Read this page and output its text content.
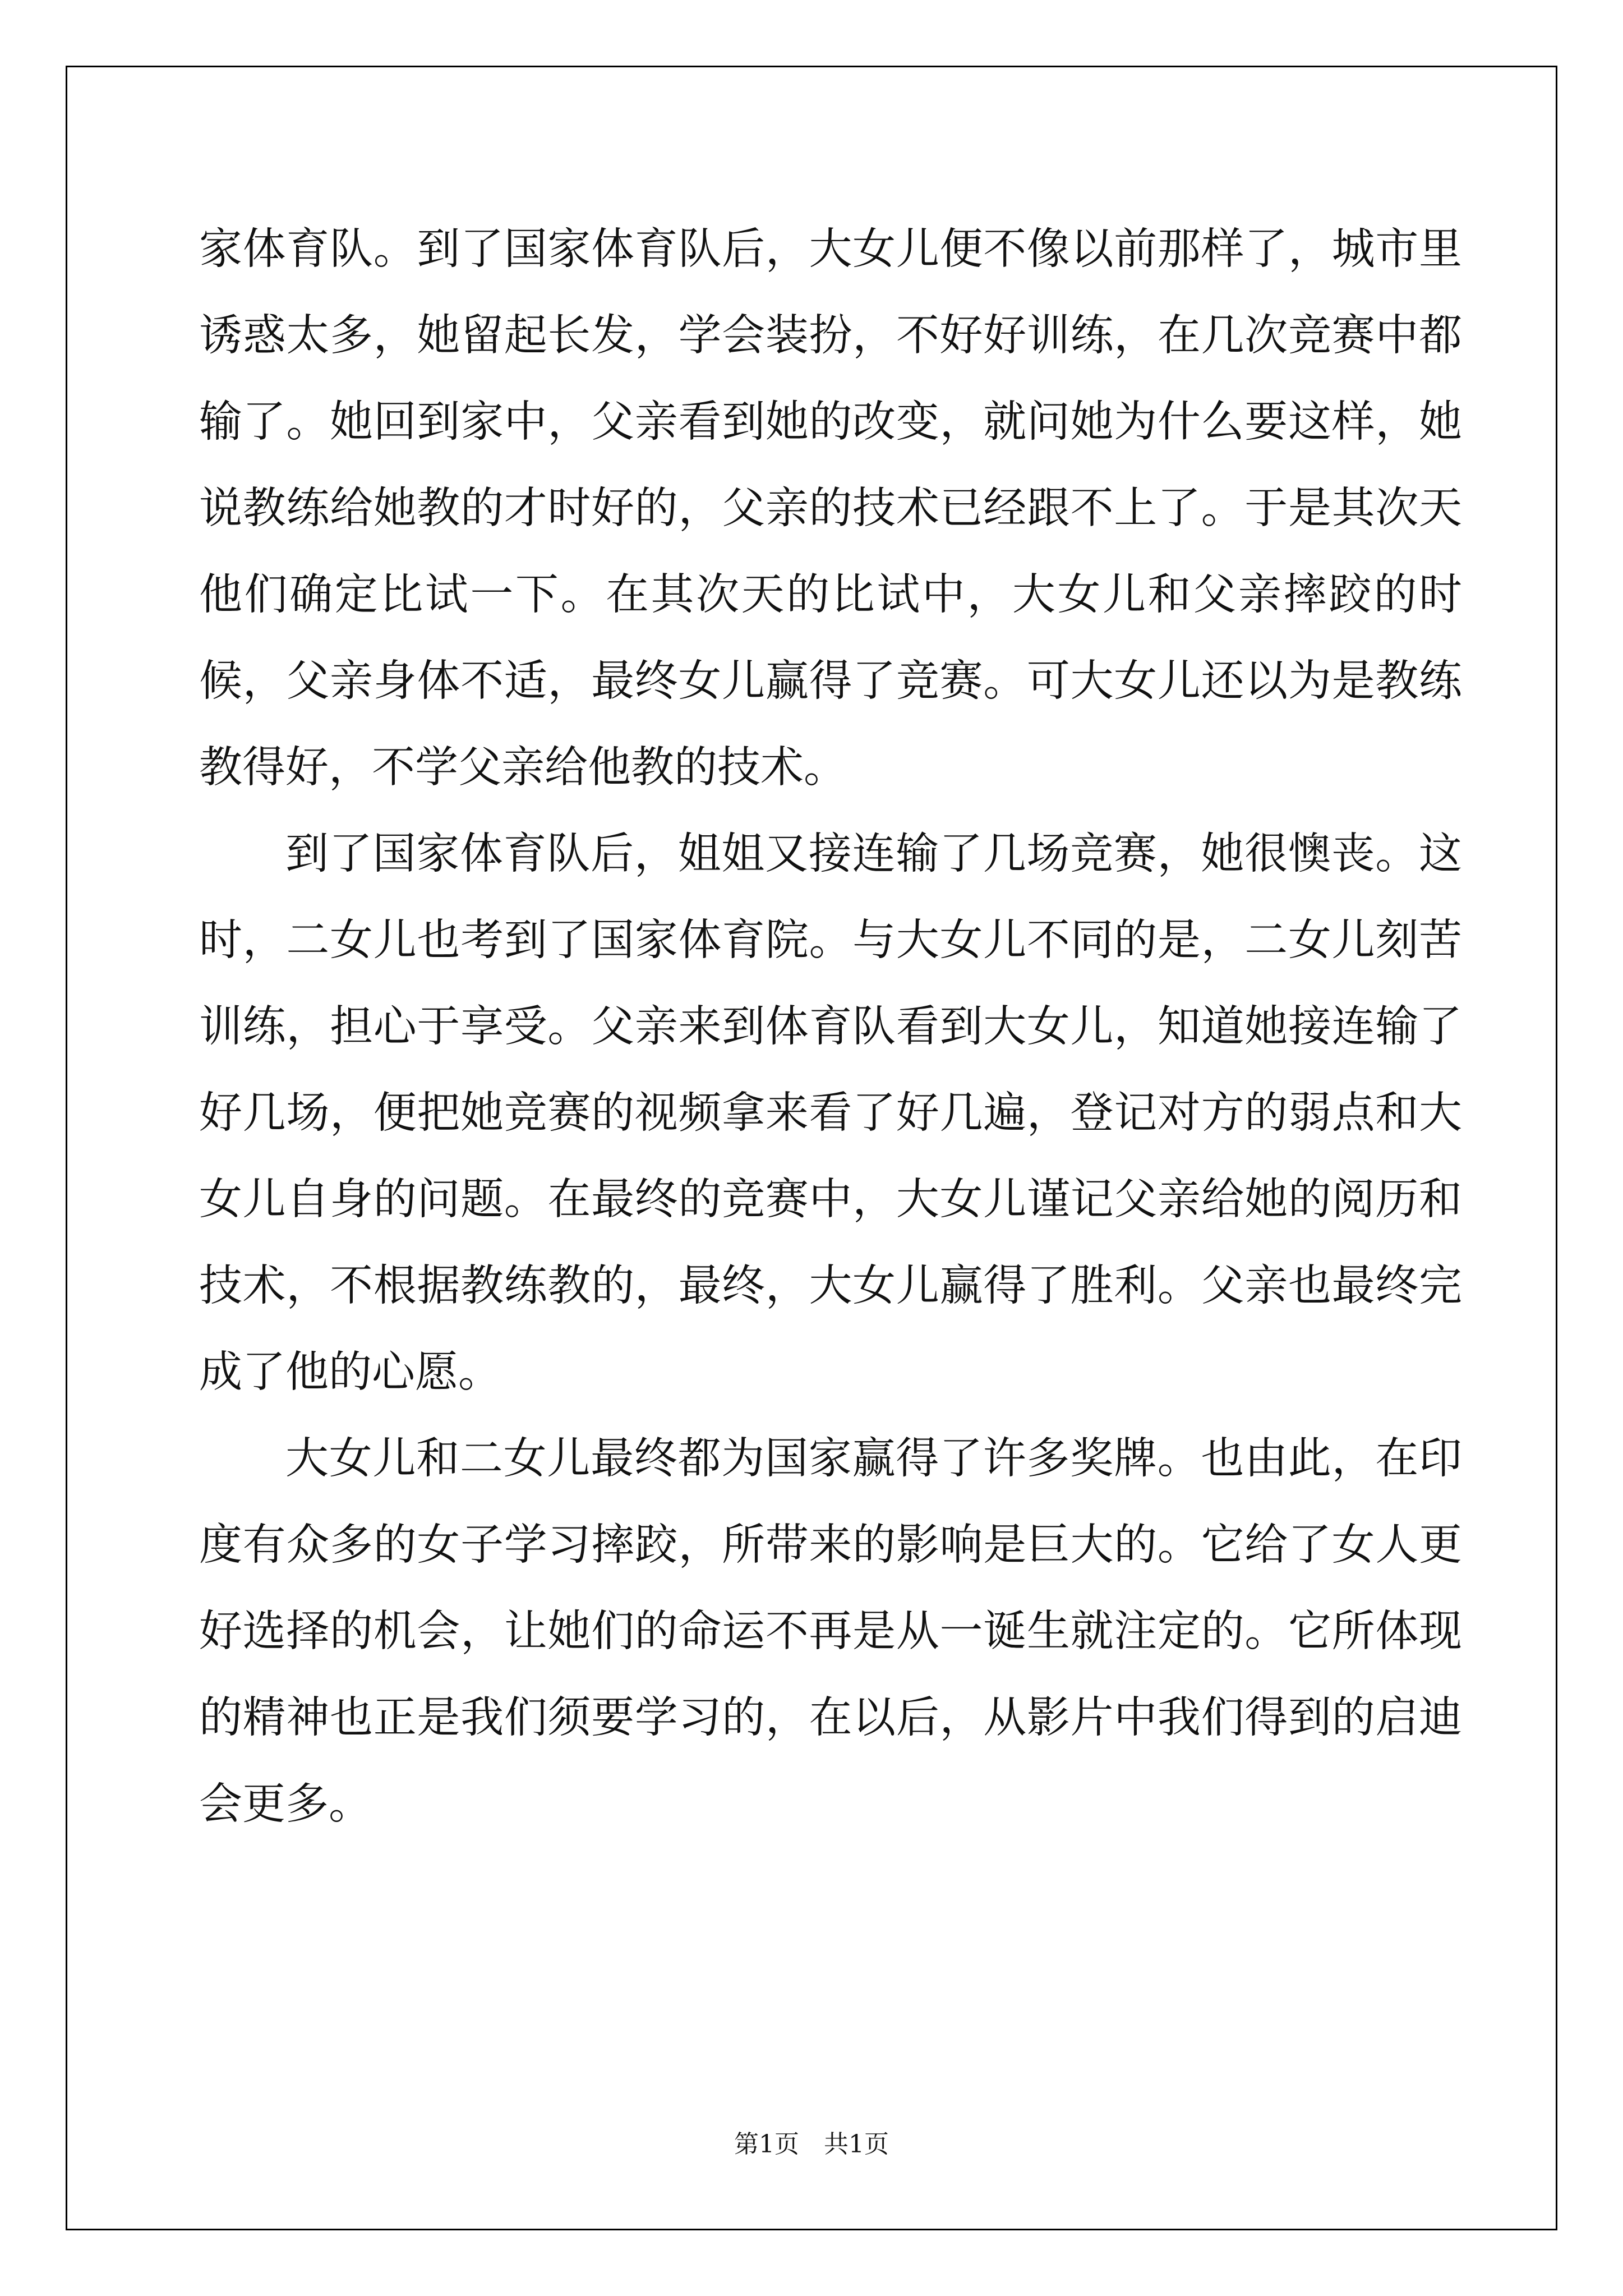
家体育队。到了国家体育队后，大女儿便不像以前那样了，城市里诱惑太多，她留起长发，学会装扮，不好好训练，在几次竞赛中都输了。她回到家中，父亲看到她的改变，就问她为什么要这样，她说教练给她教的才时好的，父亲的技术已经跟不上了。于是其次天他们确定比试一下。在其次天的比试中，大女儿和父亲摔跤的时候，父亲身体不适，最终女儿赢得了竞赛。可大女儿还以为是教练教得好，不学父亲给他教的技术。

到了国家体育队后，姐姐又接连输了几场竞赛，她很懊丧。这时，二女儿也考到了国家体育院。与大女儿不同的是，二女儿刻苦训练，担心于享受。父亲来到体育队看到大女儿，知道她接连输了好几场，便把她竞赛的视频拿来看了好几遍，登记对方的弱点和大女儿自身的问题。在最终的竞赛中，大女儿谨记父亲给她的阅历和技术，不根据教练教的，最终，大女儿赢得了胜利。父亲也最终完成了他的心愿。

大女儿和二女儿最终都为国家赢得了许多奖牌。也由此，在印度有众多的女子学习摔跤，所带来的影响是巨大的。它给了女人更好选择的机会，让她们的命运不再是从一诞生就注定的。它所体现的精神也正是我们须要学习的，在以后，从影片中我们得到的启迪会更多。

第1页 共1页
